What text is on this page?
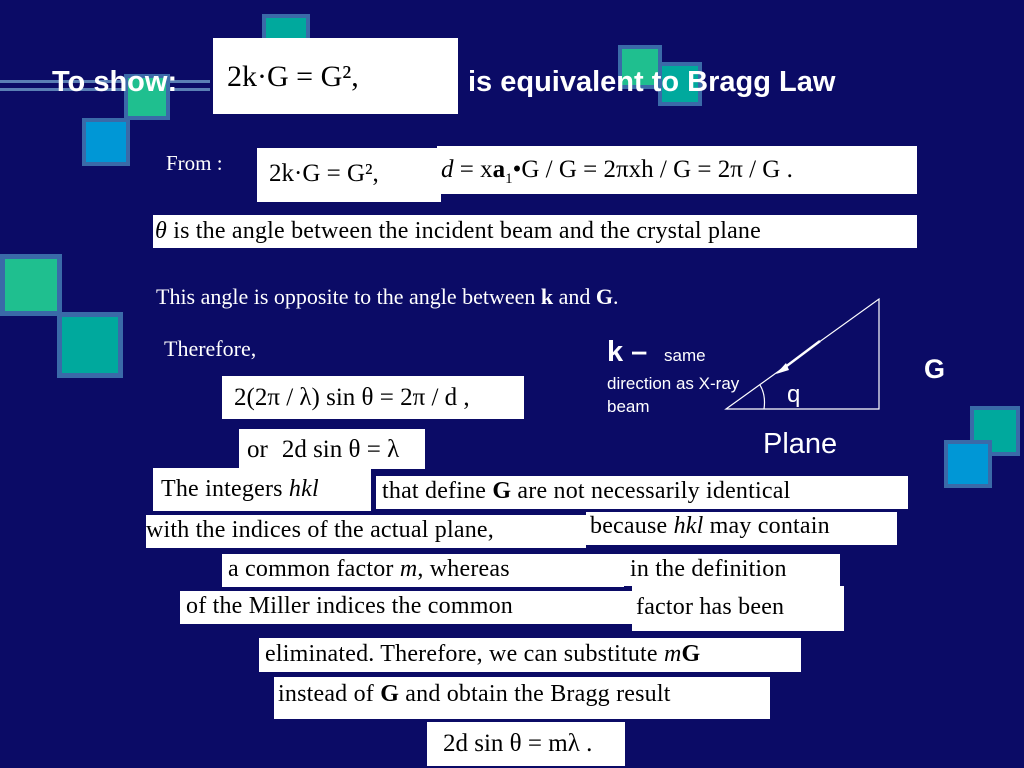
To show:	2k·G = G²,	is equivalent to Bragg Law
From :	2k·G = G²,	$d = xa_1•G / G = 2\pi xh / G = 2\pi / G$ .
θ is the angle between the incident beam and the crystal plane
This angle is opposite to the angle between k and G.
Therefore,
2(2π / λ) sin θ = 2π / d ,
or 2d sin θ = λ
k – same
direction as X-ray
beam	q
G
Plane
The integers hkl	that define G are not necessarily identical
with the indices of the actual plane,	because hkl may contain
a common factor m, whereas	in the definition
of the Miller indices the common	factor has been
eliminated. Therefore, we can substitute mG
instead of G and obtain the Bragg result
2d sin θ = mλ .
